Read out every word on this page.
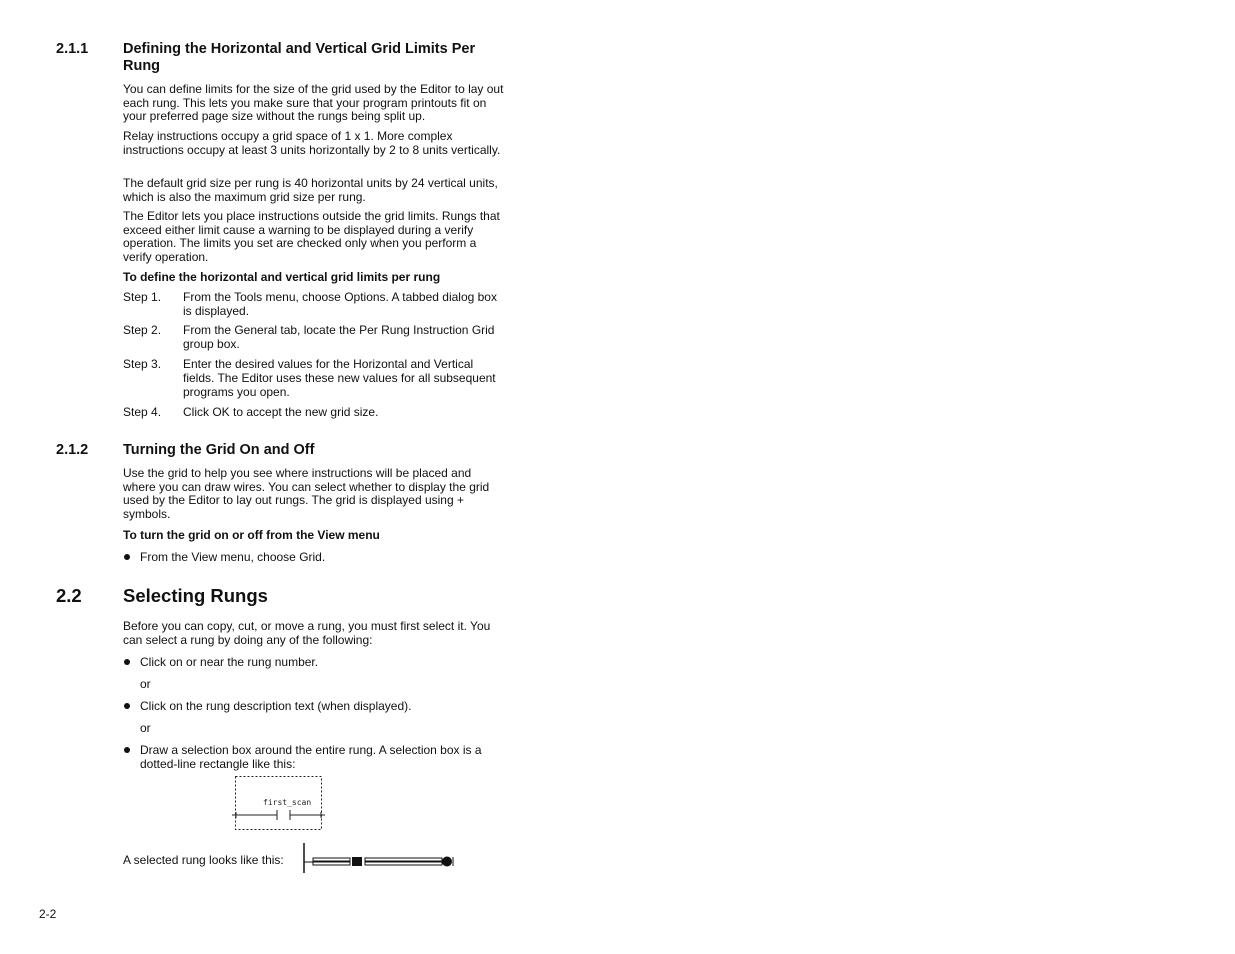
2.1.1 Defining the Horizontal and Vertical Grid Limits Per
Rung
You can define limits for the size of the grid used by the Editor to lay out each rung. This lets you make sure that your program printouts fit on your preferred page size without the rungs being split up.
Relay instructions occupy a grid space of 1 x 1. More complex instructions occupy at least 3 units horizontally by 2 to 8 units vertically.
The default grid size per rung is 40 horizontal units by 24 vertical units, which is also the maximum grid size per rung.
The Editor lets you place instructions outside the grid limits. Rungs that exceed either limit cause a warning to be displayed during a verify operation. The limits you set are checked only when you perform a verify operation.
To define the horizontal and vertical grid limits per rung
Step 1. From the Tools menu, choose Options. A tabbed dialog box is displayed.
Step 2. From the General tab, locate the Per Rung Instruction Grid group box.
Step 3. Enter the desired values for the Horizontal and Vertical fields. The Editor uses these new values for all subsequent programs you open.
Step 4. Click OK to accept the new grid size.
2.1.2 Turning the Grid On and Off
Use the grid to help you see where instructions will be placed and where you can draw wires. You can select whether to display the grid used by the Editor to lay out rungs. The grid is displayed using + symbols.
To turn the grid on or off from the View menu
From the View menu, choose Grid.
2.2 Selecting Rungs
Before you can copy, cut, or move a rung, you must first select it. You can select a rung by doing any of the following:
Click on or near the rung number.
or
Click on the rung description text (when displayed).
or
Draw a selection box around the entire rung. A selection box is a dotted-line rectangle like this:
first_scan
A selected rung looks like this:
2-2
